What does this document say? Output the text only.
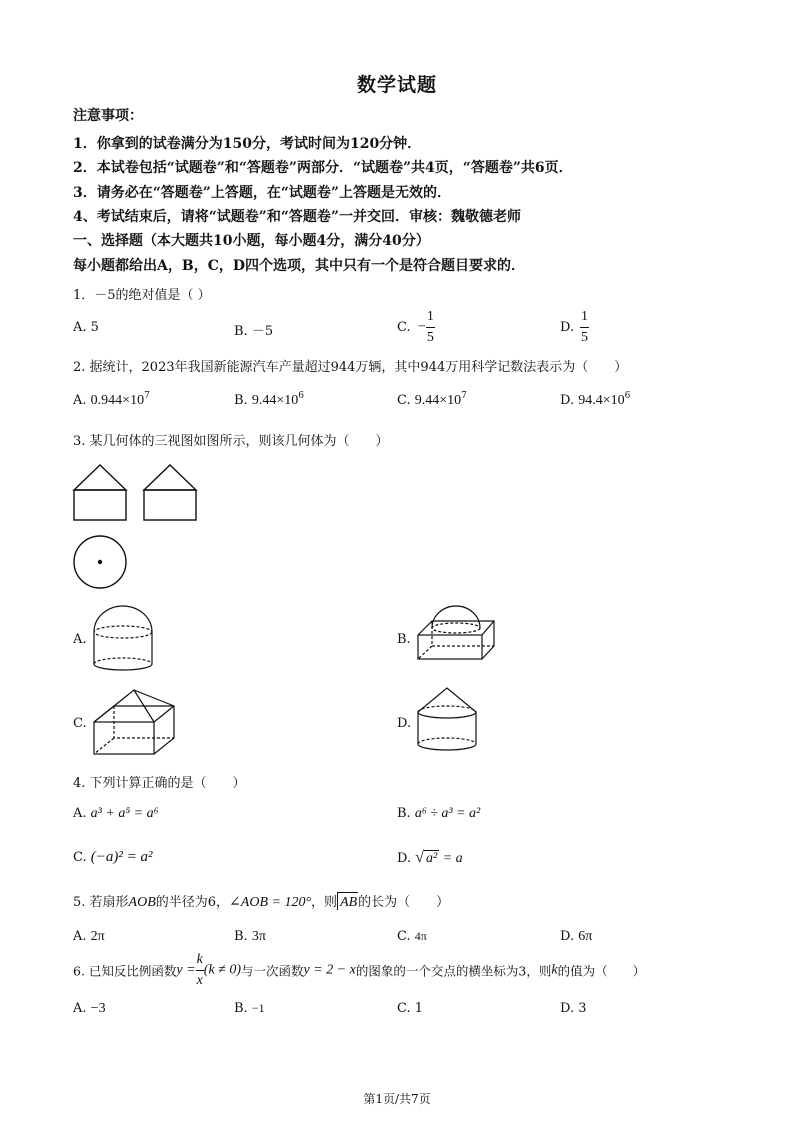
数学试题
注意事项：
1．你拿到的试卷满分为150分，考试时间为120分钟．
2．本试卷包括“试题卷”和“答题卷”两部分．“试题卷”共4页，“答题卷”共6页．
3．请务必在“答题卷”上答题，在“试题卷”上答题是无效的．
4、考试结束后，请将“试题卷”和“答题卷”一并交回．审核：魏敬德老师
一、选择题（本大题共10小题，每小题4分，满分40分）
每小题都给出A，B，C，D四个选项，其中只有一个是符合题目要求的．
1．－5的绝对值是（ ）
A. 5	B. －5	C. − $\frac{1}{5}$	D. $\frac{1}{5}$
2. 据统计，2023年我国新能源汽车产量超过944万辆，其中944万用科学记数法表示为（　　）
A. $0.944\times 10^7$	B. $9.44\times 10^6$	C. $9.44\times 10^7$	D. $94.4\times 10^6$
3. 某几何体的三视图如图所示，则该几何体为（　　）
A.	B.
C.	D.
4. 下列计算正确的是（　　）
A. a³ + a⁵ = a⁶	B. a⁶ ÷ a³ = a²
C. (−a)² = a²	D. √ a² = a
5. 若扇形AOB的半径为6，∠AOB = 120°，则 AB的长为（　　）
A. 2π	B. 3π	C. 4π	D. 6π
6. 已知反比例函数$y = \frac{k}{x} (k \ne 0)$与一次函数y = 2 − x的图象的一个交点的横坐标为3，则k的值为（　　）
A. −3	B. −1	C. 1	D. 3
第1页/共7页
